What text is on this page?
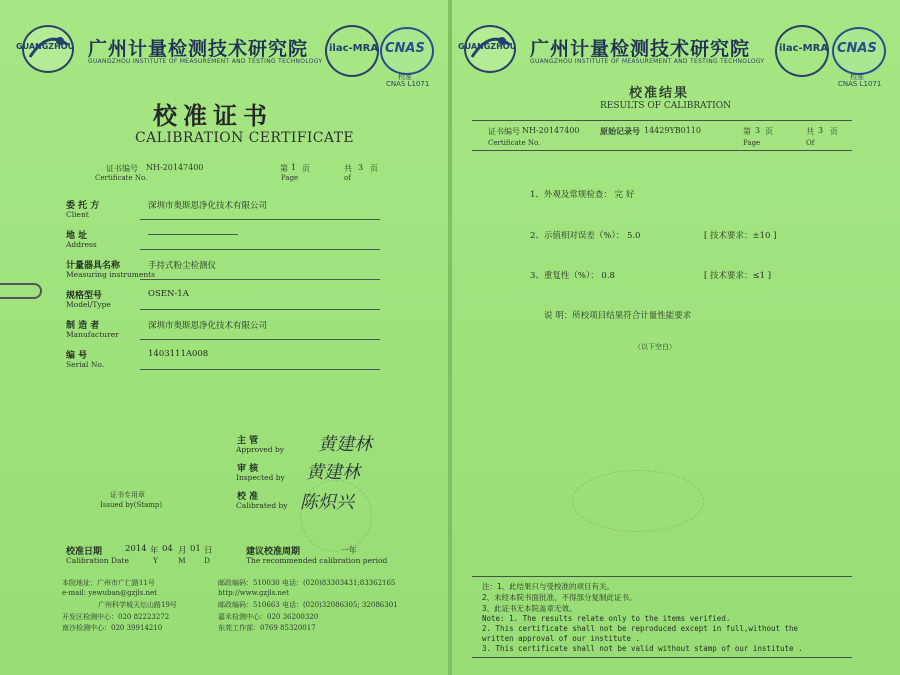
GUANGZHOU 广州计量检测技术研究院
GUANGZHOU INSTITUTE OF MEASUREMENT AND TESTING TECHNOLOGY
ilac-MRA CNAS
校准
CNAS L1071
校准证书
CALIBRATION CERTIFICATE
证书编号 NH-20147400
Certificate No.
第 1 页
Page
共 3 页
of
委 托 方
Client
深圳市奥斯恩净化技术有限公司
地 址
Address
计量器具名称
Measuring instruments
手持式粉尘检测仪
规格型号
Model/Type
OSEN-1A
制 造 者
Manufacturer
深圳市奥斯恩净化技术有限公司
编 号
Serial No.
1403111A008
主 管
Approved by 黄建林
审 核
Inspected by 黄建林
校 准
Calibrated by 陈炽兴
证书专用章
Issued by(Stamp)
校准日期
Calibration Date
2014 年 04 月 01 日
Y	M D
建议校准周期	一年
The recommended calibration period
本院地址：广州市广仁路11号
e-mail: yewuban@gzjls.net
广州科学城天坛山路19号
开发区检测中心：020 82223272
南沙检测中心：020 39914210
邮政编码：510030 电话：(020)83303431;83362165
http://www.gzjls.net
邮政编码：510663 电话：(020)32086305; 32086301
嘉禾检测中心：020 36200320
东莞工作部：0769 85320017
GUANGZHOU 广州计量检测技术研究院
GUANGZHOU INSTITUTE OF MEASUREMENT AND TESTING TECHNOLOGY
ilac-MRA CNAS
校准
CNAS L1071
校准结果
RESULTS OF CALIBRATION
证书编号 NH-20147400
Certificate No.
原始记录号 14429YB0110	第 3 页
Page
共 3 页
Of
1、外观及常规检查： 完 好
2、示值相对误差（%）： 5.0	[ 技术要求：±10 ]
3、重复性（%）： 0.8	[ 技术要求：≤1 ]
说 明：所校项目结果符合计量性能要求
（以下空白）
注：1、此结果只与受校准的项目有关。
2、未经本院书面批准，不得部分复制此证书。
3、此证书无本院盖章无效。
Note: 1. The results relate only to the items verified.
2. This certificate shall not be reproduced except in full,without the
written approval of our institute .
3. This certificate shall not be valid without stamp of our institute .
